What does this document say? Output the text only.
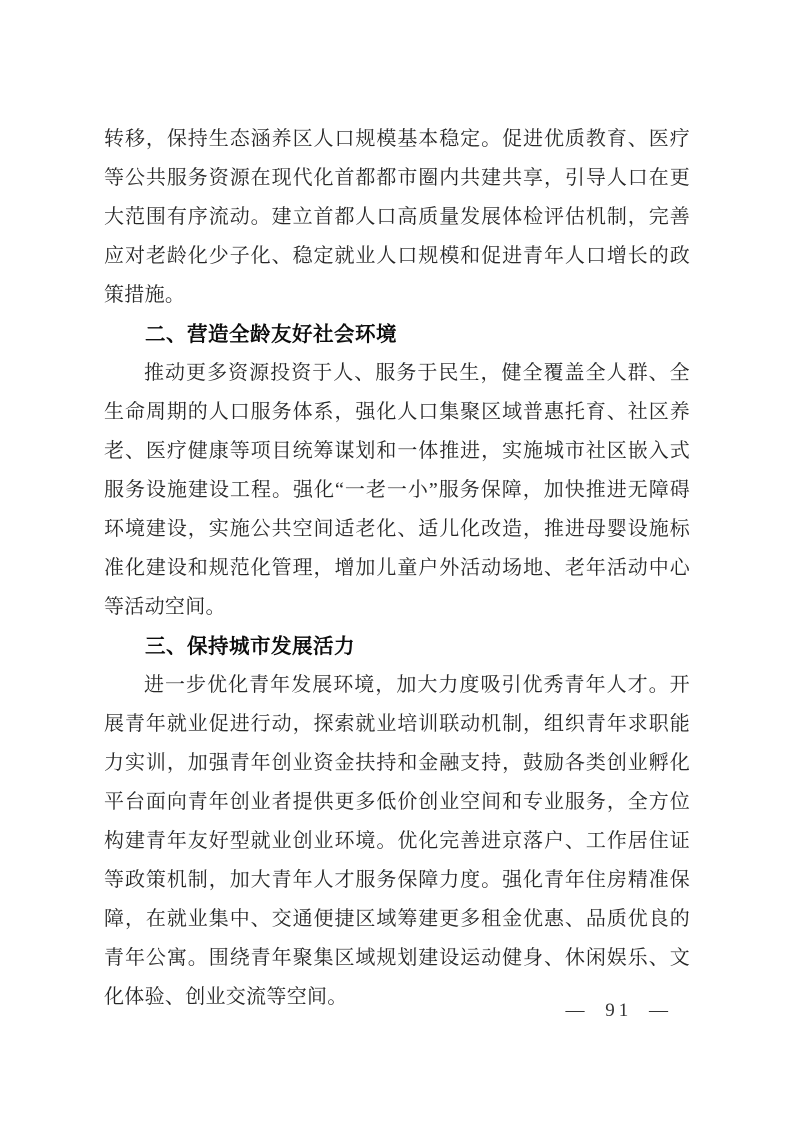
转移，保持生态涵养区人口规模基本稳定。促进优质教育、医疗等公共服务资源在现代化首都都市圈内共建共享，引导人口在更大范围有序流动。建立首都人口高质量发展体检评估机制，完善应对老龄化少子化、稳定就业人口规模和促进青年人口增长的政策措施。

二、营造全龄友好社会环境

推动更多资源投资于人、服务于民生，健全覆盖全人群、全生命周期的人口服务体系，强化人口集聚区域普惠托育、社区养老、医疗健康等项目统筹谋划和一体推进，实施城市社区嵌入式服务设施建设工程。强化“一老一小”服务保障，加快推进无障碍环境建设，实施公共空间适老化、适儿化改造，推进母婴设施标准化建设和规范化管理，增加儿童户外活动场地、老年活动中心等活动空间。

三、保持城市发展活力

进一步优化青年发展环境，加大力度吸引优秀青年人才。开展青年就业促进行动，探索就业培训联动机制，组织青年求职能力实训，加强青年创业资金扶持和金融支持，鼓励各类创业孵化平台面向青年创业者提供更多低价创业空间和专业服务，全方位构建青年友好型就业创业环境。优化完善进京落户、工作居住证等政策机制，加大青年人才服务保障力度。强化青年住房精准保障，在就业集中、交通便捷区域筹建更多租金优惠、品质优良的青年公寓。围绕青年聚集区域规划建设运动健身、休闲娱乐、文化体验、创业交流等空间。

— 91 —
